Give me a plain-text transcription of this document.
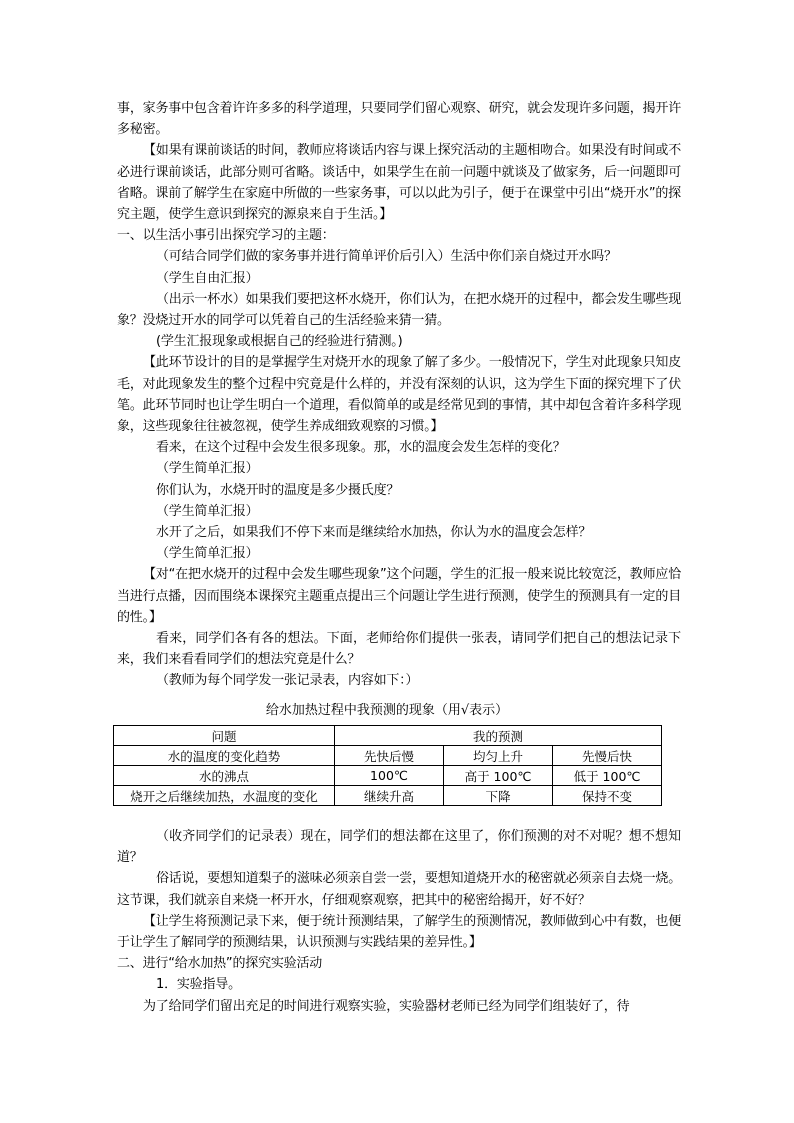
事，家务事中包含着许许多多的科学道理，只要同学们留心观察、研究，就会发现许多问题，揭开许多秘密。

【如果有课前谈话的时间，教师应将谈话内容与课上探究活动的主题相吻合。如果没有时间或不必进行课前谈话，此部分则可省略。谈话中，如果学生在前一问题中就谈及了做家务，后一问题即可省略。课前了解学生在家庭中所做的一些家务事，可以以此为引子，便于在课堂中引出“烧开水”的探究主题，使学生意识到探究的源泉来自于生活。】

一、以生活小事引出探究学习的主题：

（可结合同学们做的家务事并进行简单评价后引入）生活中你们亲自烧过开水吗？

（学生自由汇报）

（出示一杯水）如果我们要把这杯水烧开，你们认为，在把水烧开的过程中，都会发生哪些现象？没烧过开水的同学可以凭着自己的生活经验来猜一猜。

(学生汇报现象或根据自己的经验进行猜测。)

【此环节设计的目的是掌握学生对烧开水的现象了解了多少。一般情况下，学生对此现象只知皮毛，对此现象发生的整个过程中究竟是什么样的，并没有深刻的认识，这为学生下面的探究埋下了伏笔。此环节同时也让学生明白一个道理，看似简单的或是经常见到的事情，其中却包含着许多科学现象，这些现象往往被忽视，使学生养成细致观察的习惯。】

看来，在这个过程中会发生很多现象。那，水的温度会发生怎样的变化？

（学生简单汇报）

你们认为，水烧开时的温度是多少摄氏度？

（学生简单汇报）

水开了之后，如果我们不停下来而是继续给水加热，你认为水的温度会怎样？

（学生简单汇报）

【对“在把水烧开的过程中会发生哪些现象”这个问题，学生的汇报一般来说比较宽泛，教师应恰当进行点播，因而围绕本课探究主题重点提出三个问题让学生进行预测，使学生的预测具有一定的目的性。】

看来，同学们各有各的想法。下面，老师给你们提供一张表，请同学们把自己的想法记录下来，我们来看看同学们的想法究竟是什么？

（教师为每个同学发一张记录表，内容如下：）

给水加热过程中我预测的现象（用√表示）
问题	我的预测		
水的温度的变化趋势	先快后慢	均匀上升	先慢后快
水的沸点	100℃	高于 100℃	低于 100℃
烧开之后继续加热，水温度的变化	继续升高	下降	保持不变

（收齐同学们的记录表）现在，同学们的想法都在这里了，你们预测的对不对呢？想不想知道？

俗话说，要想知道梨子的滋味必须亲自尝一尝，要想知道烧开水的秘密就必须亲自去烧一烧。这节课，我们就亲自来烧一杯开水，仔细观察观察，把其中的秘密给揭开，好不好？

【让学生将预测记录下来，便于统计预测结果，了解学生的预测情况，教师做到心中有数，也便于让学生了解同学的预测结果，认识预测与实践结果的差异性。】

二、进行“给水加热”的探究实验活动

1．实验指导。

为了给同学们留出充足的时间进行观察实验，实验器材老师已经为同学们组装好了，待
